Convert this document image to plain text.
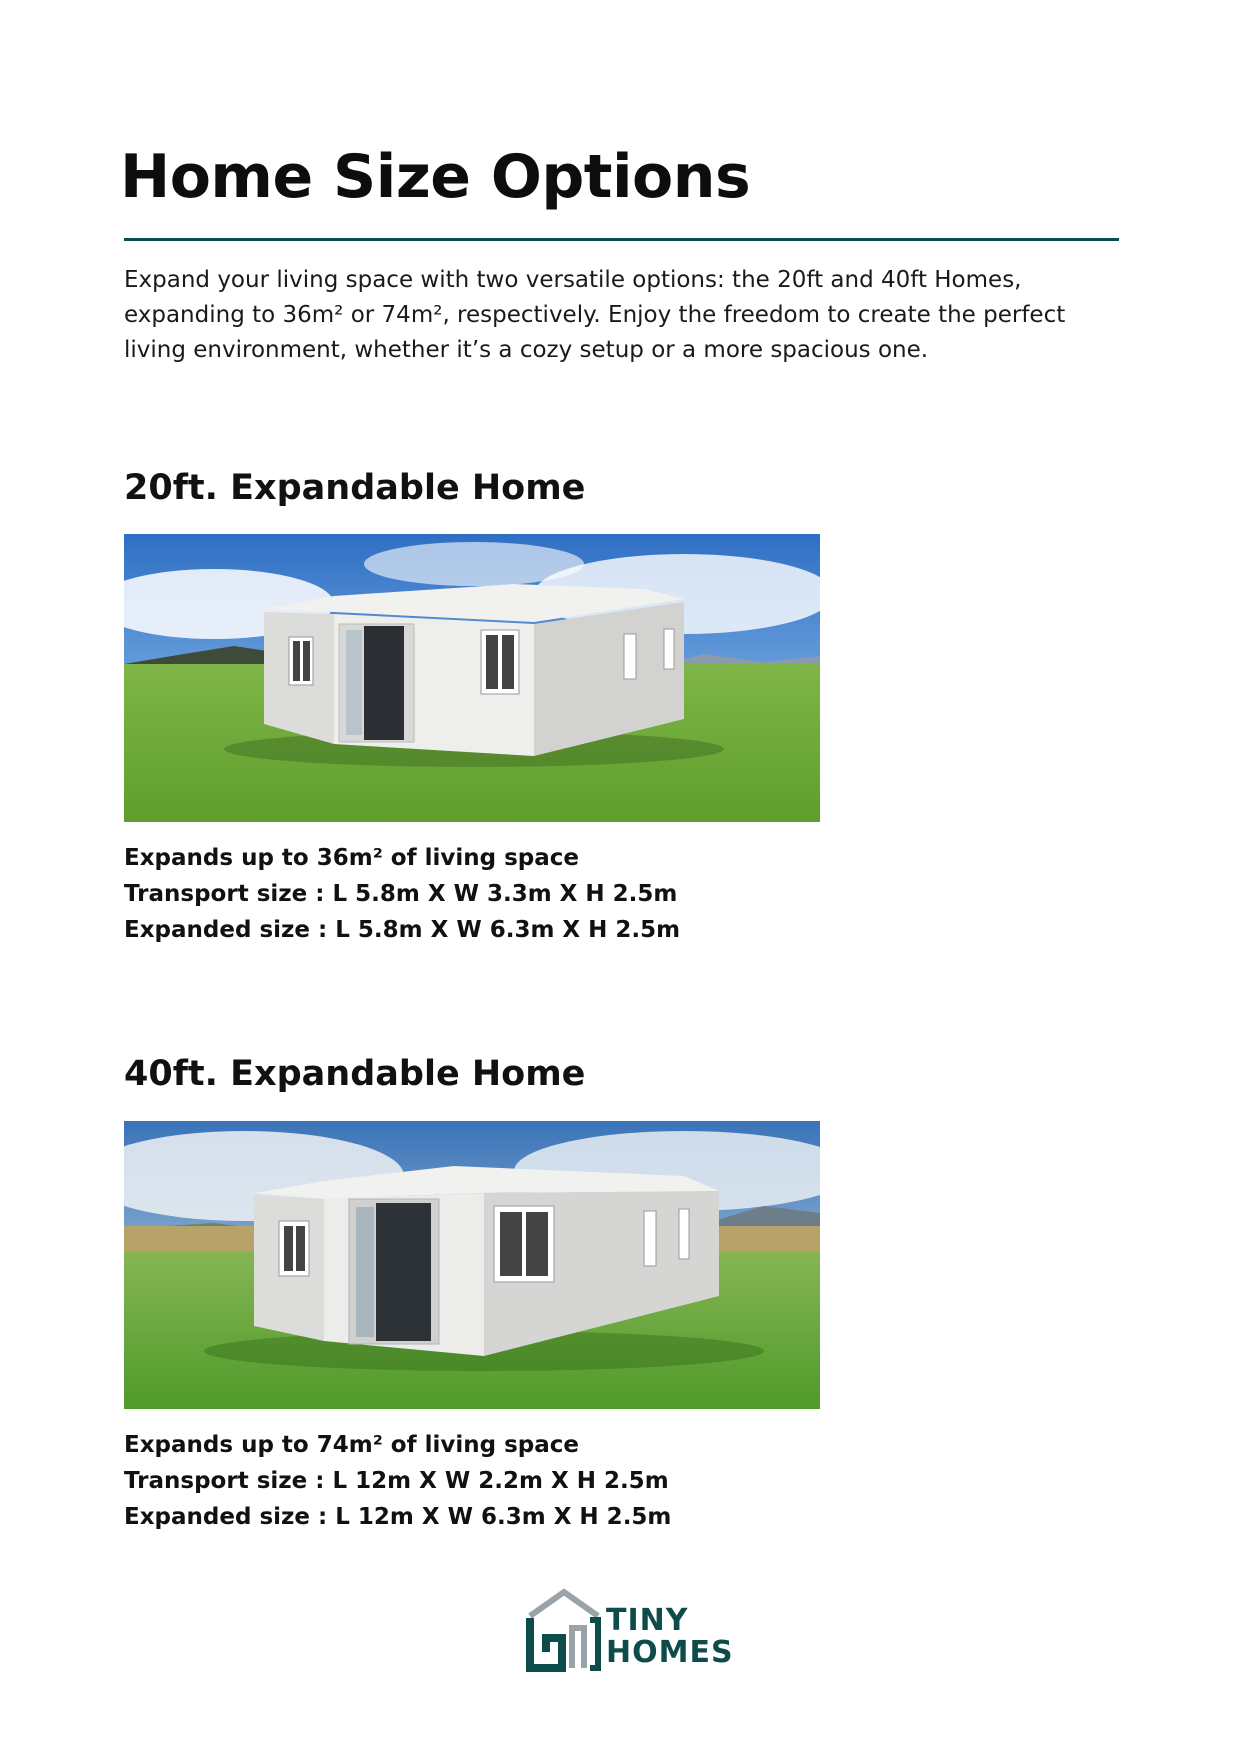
Home Size Options

Expand your living space with two versatile options: the 20ft and 40ft Homes, expanding to 36m² or 74m², respectively. Enjoy the freedom to create the perfect living environment, whether it’s a cozy setup or a more spacious one.

20ft. Expandable Home
Expands up to 36m² of living space
Transport size : L 5.8m X W 3.3m X H 2.5m
Expanded size : L 5.8m X W 6.3m X H 2.5m
40ft. Expandable Home
Expands up to 74m² of living space
Transport size : L 12m X W 2.2m X H 2.5m
Expanded size : L 12m X W 6.3m X H 2.5m
TINY
HOMES
